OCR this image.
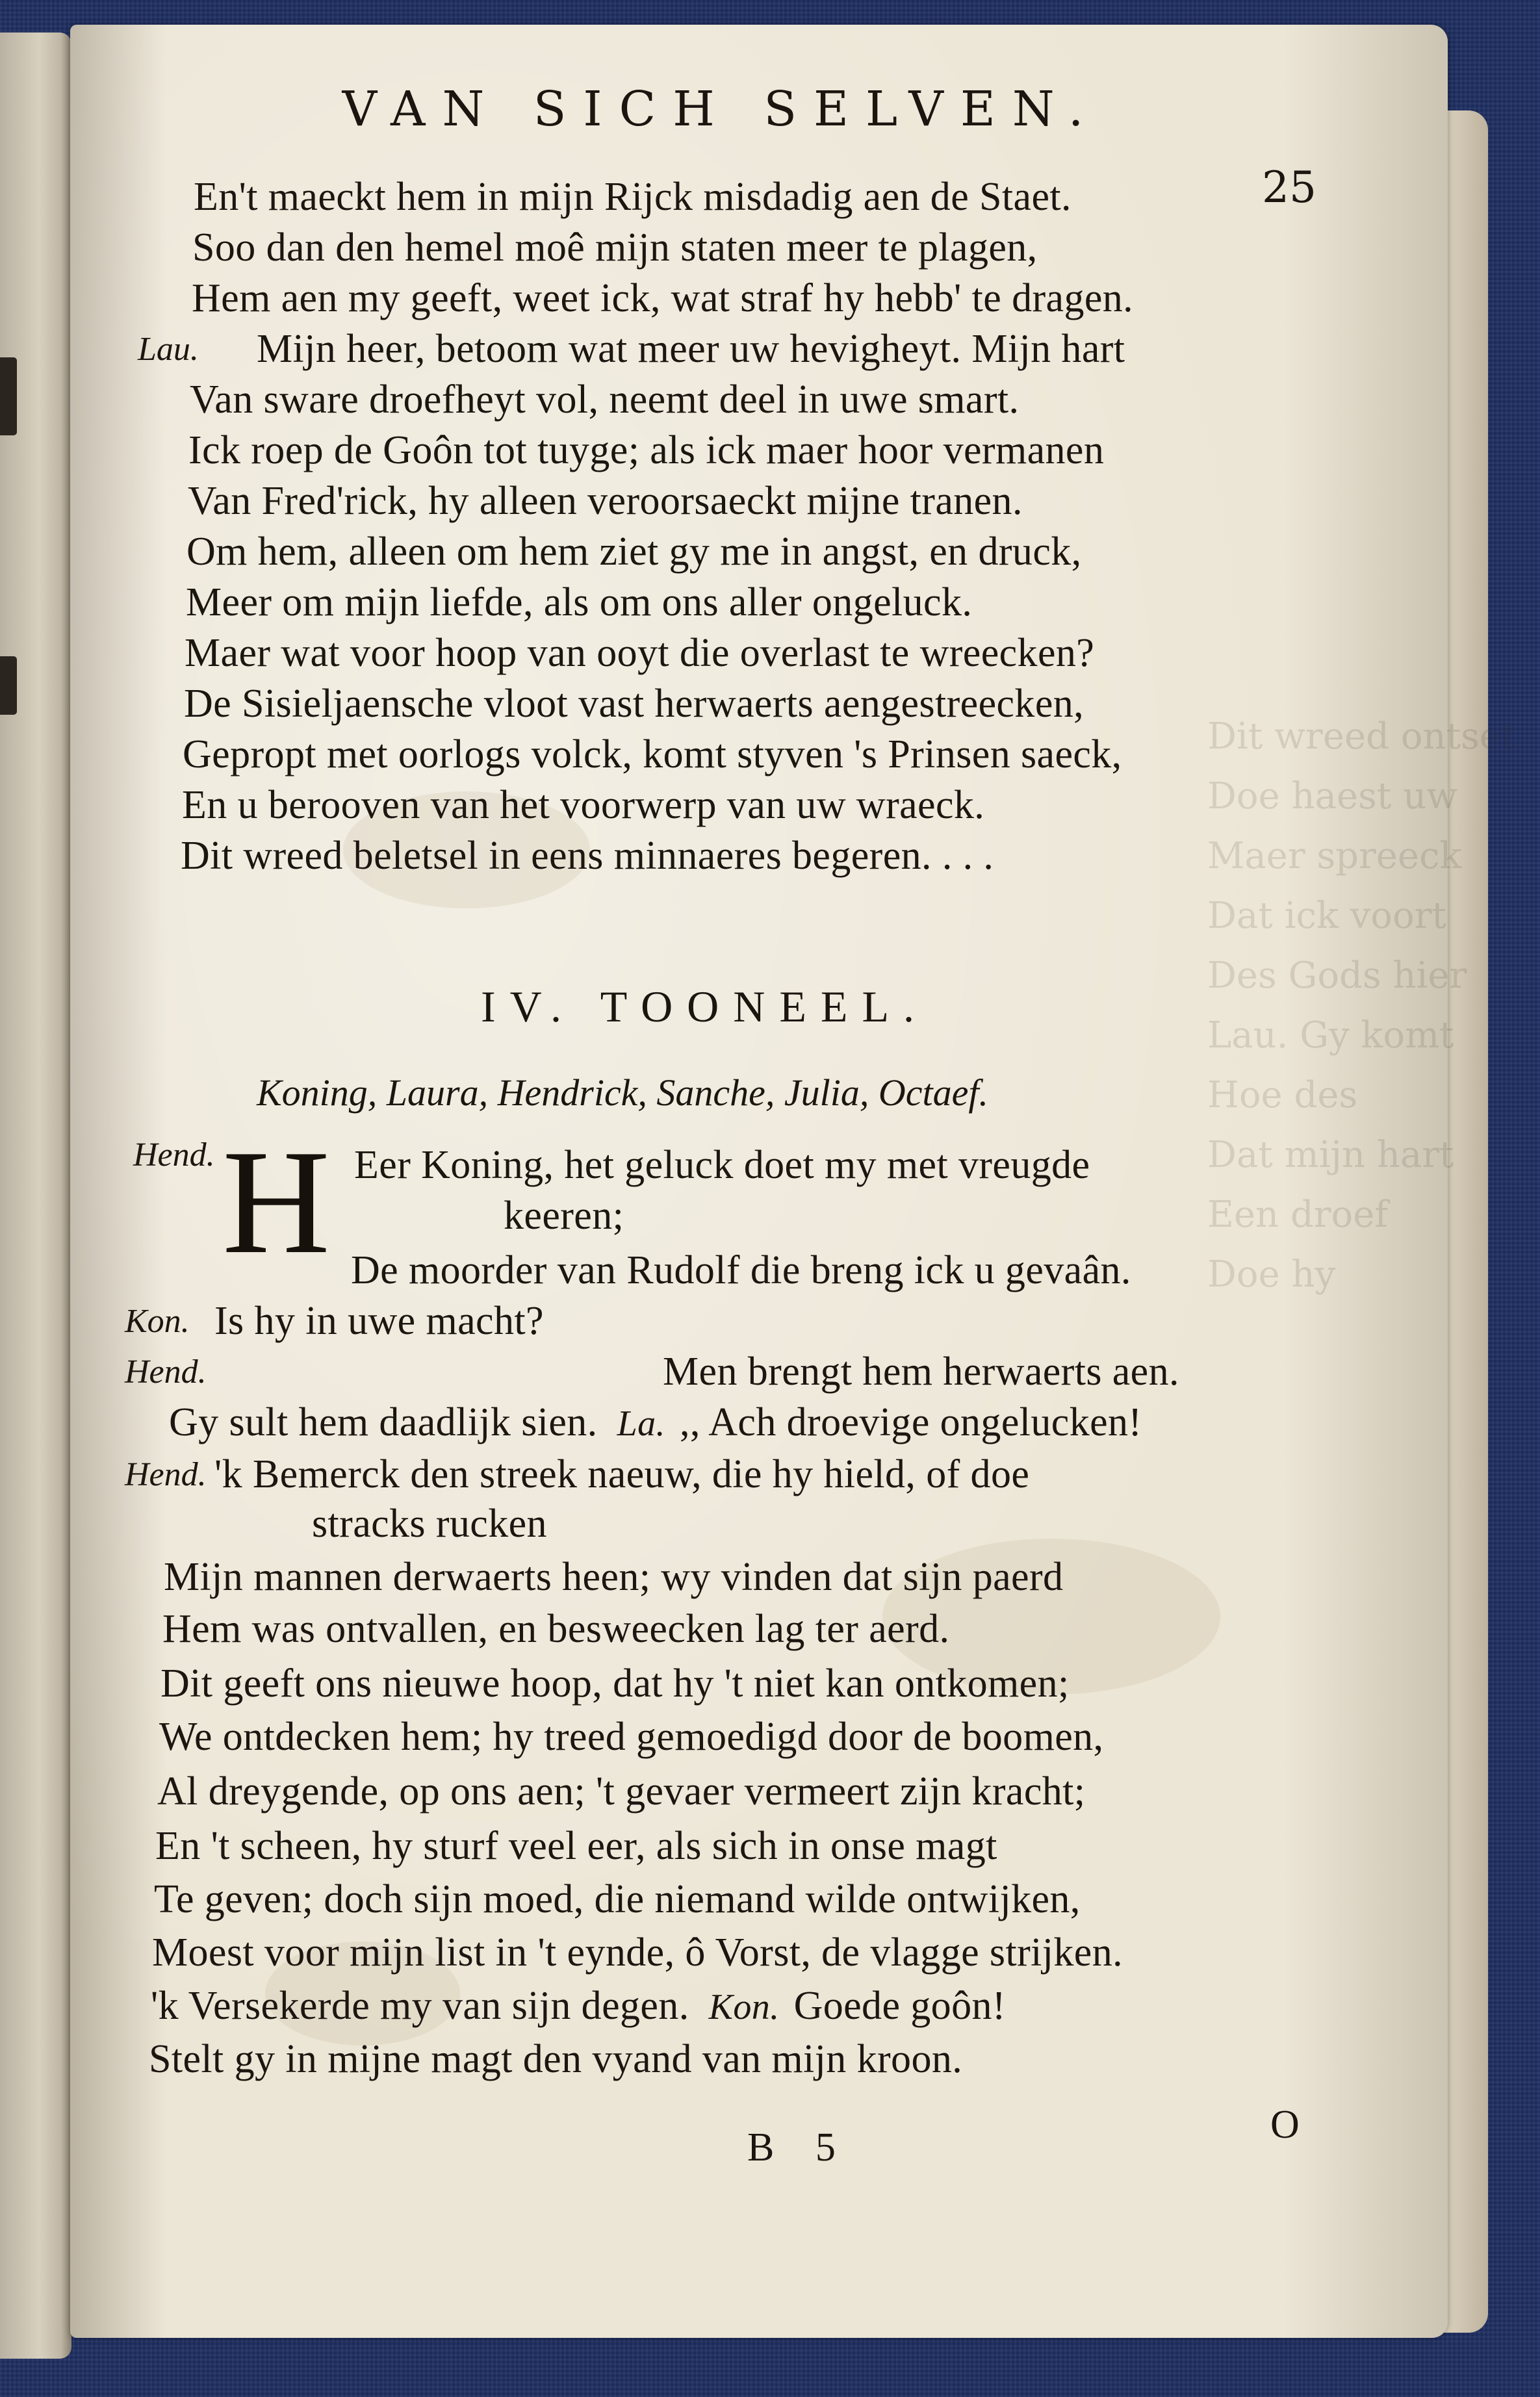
Dit wreed ontset
Doe haest uw
Maer spreeck
Dat ick voort
Des Gods hier
Lau. Gy komt
Hoe des
Dat mijn hart
Een droef
Doe hy
VAN SICH SELVEN.
25
En't maeckt hem in mijn Rijck misdadig aen de Staet.
Soo dan den hemel moê mijn staten meer te plagen,
Hem aen my geeft, weet ick, wat straf hy hebb' te dragen.
Lau. Mijn heer, betoom wat meer uw hevigheyt. Mijn hart
Van sware droefheyt vol, neemt deel in uwe smart.
Ick roep de Goôn tot tuyge; als ick maer hoor vermanen
Van Fred'rick, hy alleen veroorsaeckt mijne tranen.
Om hem, alleen om hem ziet gy me in angst, en druck,
Meer om mijn liefde, als om ons aller ongeluck.
Maer wat voor hoop van ooyt die overlast te wreecken?
De Sisieljaensche vloot vast herwaerts aengestreecken,
Gepropt met oorlogs volck, komt styven 's Prinsen saeck,
En u berooven van het voorwerp van uw wraeck.
Dit wreed beletsel in eens minnaeres begeren. . . .
IV. TOONEEL.
Koning, Laura, Hendrick, Sanche, Julia, Octaef.
Hend. H Eer Koning, het geluck doet my met vreugde
keeren;
De moorder van Rudolf die breng ick u gevaân.
Kon. Is hy in uwe macht?
Hend.	Men brengt hem herwaerts aen.
Gy sult hem daadlijk sien. La. ,, Ach droevige ongelucken!
Hend. 'k Bemerck den streek naeuw, die hy hield, of doe
stracks rucken
Mijn mannen derwaerts heen; wy vinden dat sijn paerd
Hem was ontvallen, en besweecken lag ter aerd.
Dit geeft ons nieuwe hoop, dat hy 't niet kan ontkomen;
We ontdecken hem; hy treed gemoedigd door de boomen,
Al dreygende, op ons aen; 't gevaer vermeert zijn kracht;
En 't scheen, hy sturf veel eer, als sich in onse magt
Te geven; doch sijn moed, die niemand wilde ontwijken,
Moest voor mijn list in 't eynde, ô Vorst, de vlagge strijken.
'k Versekerde my van sijn degen. Kon. Goede goôn!
Stelt gy in mijne magt den vyand van mijn kroon.
B 5
O
